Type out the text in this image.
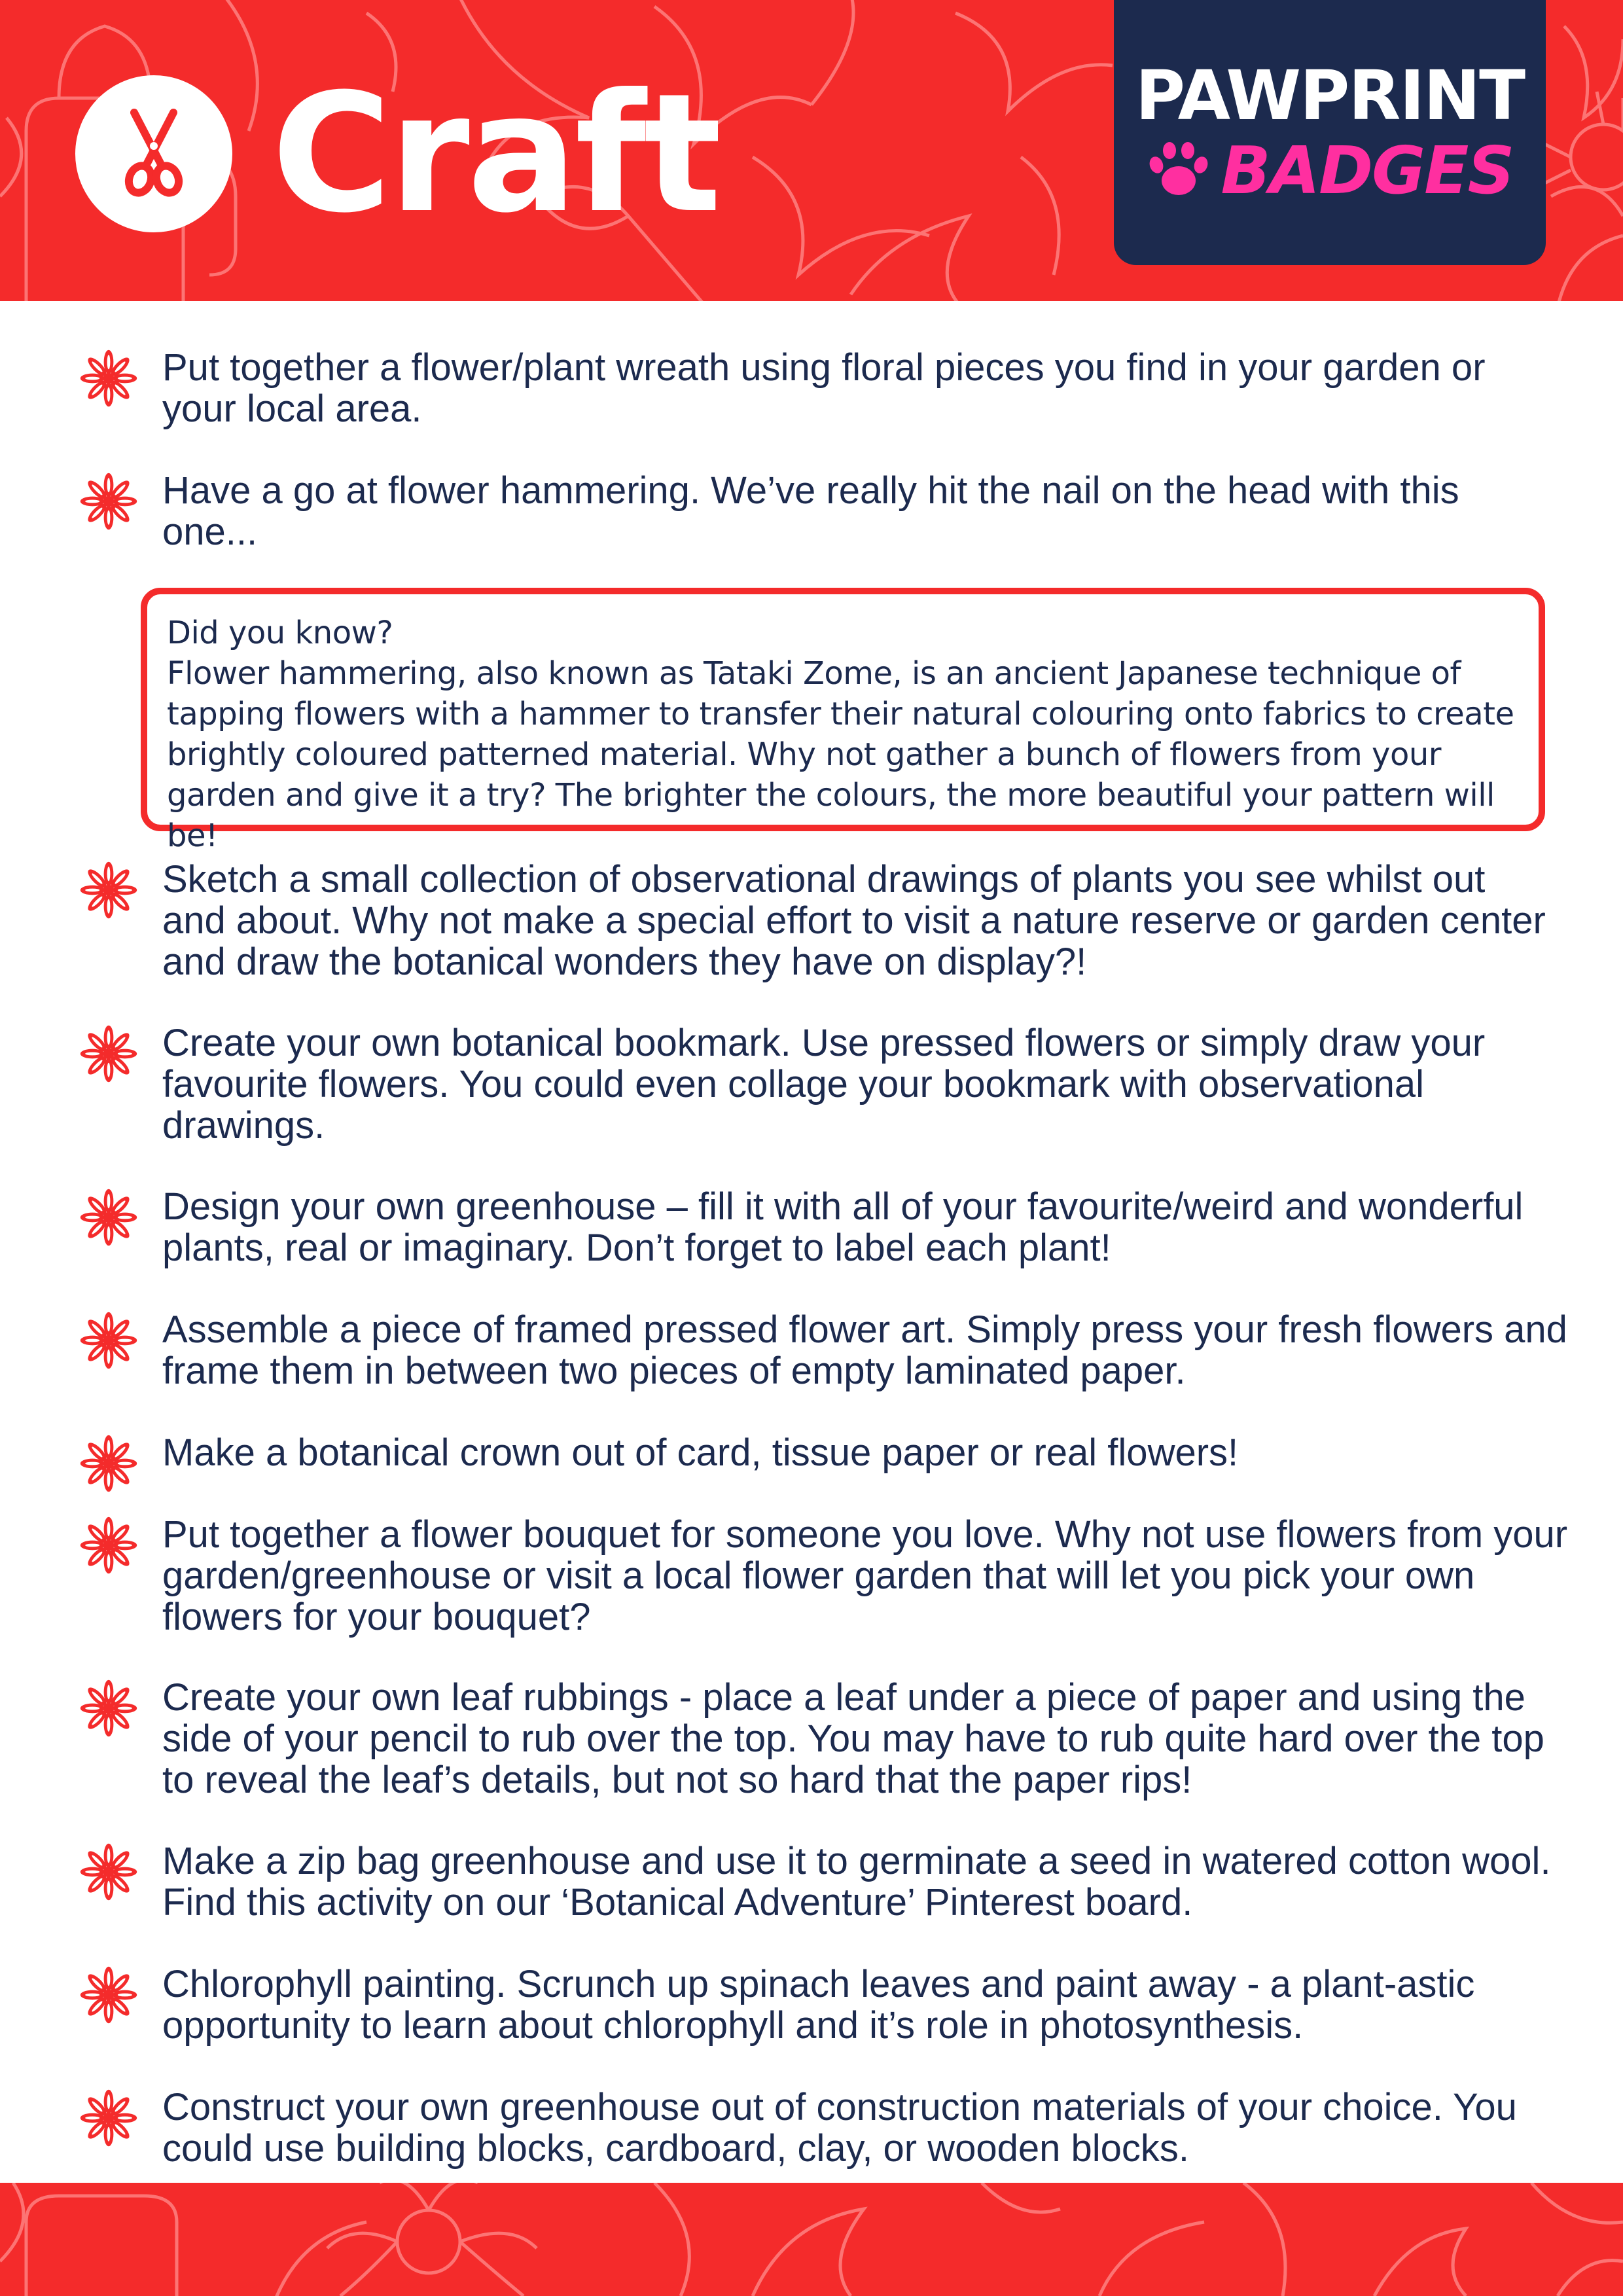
Craft	PAWPRINT
BADGES
Put together a flower/plant wreath using floral pieces you find in your garden or your local area.
Have a go at flower hammering. We’ve really hit the nail on the head with this one...
Did you know?
Flower hammering, also known as Tataki Zome, is an ancient Japanese technique of tapping flowers with a hammer to transfer their natural colouring onto fabrics to create brightly coloured patterned material. Why not gather a bunch of flowers from your garden and give it a try? The brighter the colours, the more beautiful your pattern will be!
Sketch a small collection of observational drawings of plants you see whilst out and about. Why not make a special effort to visit a nature reserve or garden center and draw the botanical wonders they have on display?!
Create your own botanical bookmark. Use pressed flowers or simply draw your favourite flowers. You could even collage your bookmark with observational drawings.
Design your own greenhouse – fill it with all of your favourite/weird and wonderful plants, real or imaginary. Don’t forget to label each plant!
Assemble a piece of framed pressed flower art. Simply press your fresh flowers and frame them in between two pieces of empty laminated paper.
Make a botanical crown out of card, tissue paper or real flowers!
Put together a flower bouquet for someone you love. Why not use flowers from your garden/greenhouse or visit a local flower garden that will let you pick your own flowers for your bouquet?
Create your own leaf rubbings - place a leaf under a piece of paper and using the side of your pencil to rub over the top. You may have to rub quite hard over the top to reveal the leaf’s details, but not so hard that the paper rips!
Make a zip bag greenhouse and use it to germinate a seed in watered cotton wool. Find this activity on our ‘Botanical Adventure’ Pinterest board.
Chlorophyll painting. Scrunch up spinach leaves and paint away - a plant-astic opportunity to learn about chlorophyll and it’s role in photosynthesis.
Construct your own greenhouse out of construction materials of your choice. You could use building blocks, cardboard, clay, or wooden blocks.
